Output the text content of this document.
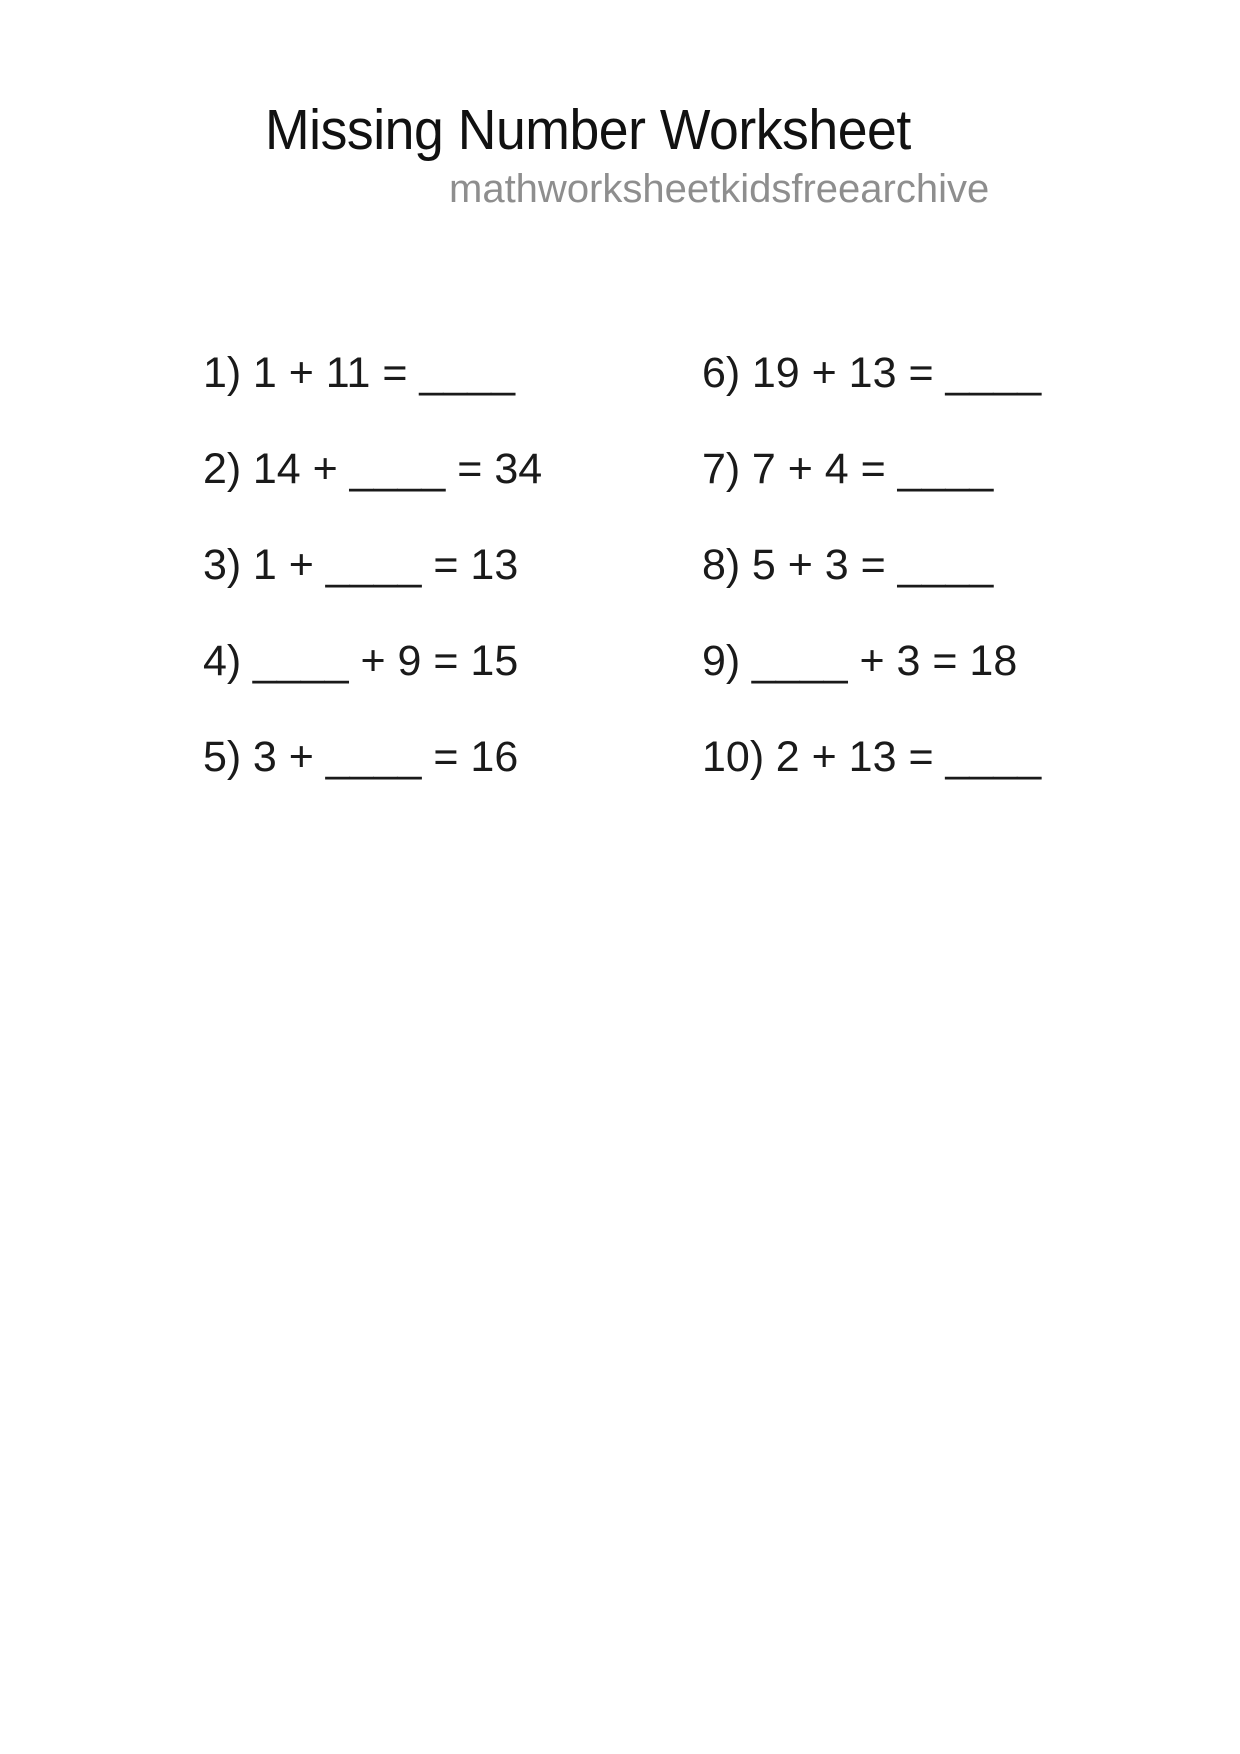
Missing Number Worksheet
mathworksheetkidsfreearchive
1) 1 + 11 = ____
2) 14 + ____ = 34
3) 1 + ____ = 13
4) ____ + 9 = 15
5) 3 + ____ = 16
6) 19 + 13 = ____
7) 7 + 4 = ____
8) 5 + 3 = ____
9) ____ + 3 = 18
10) 2 + 13 = ____
